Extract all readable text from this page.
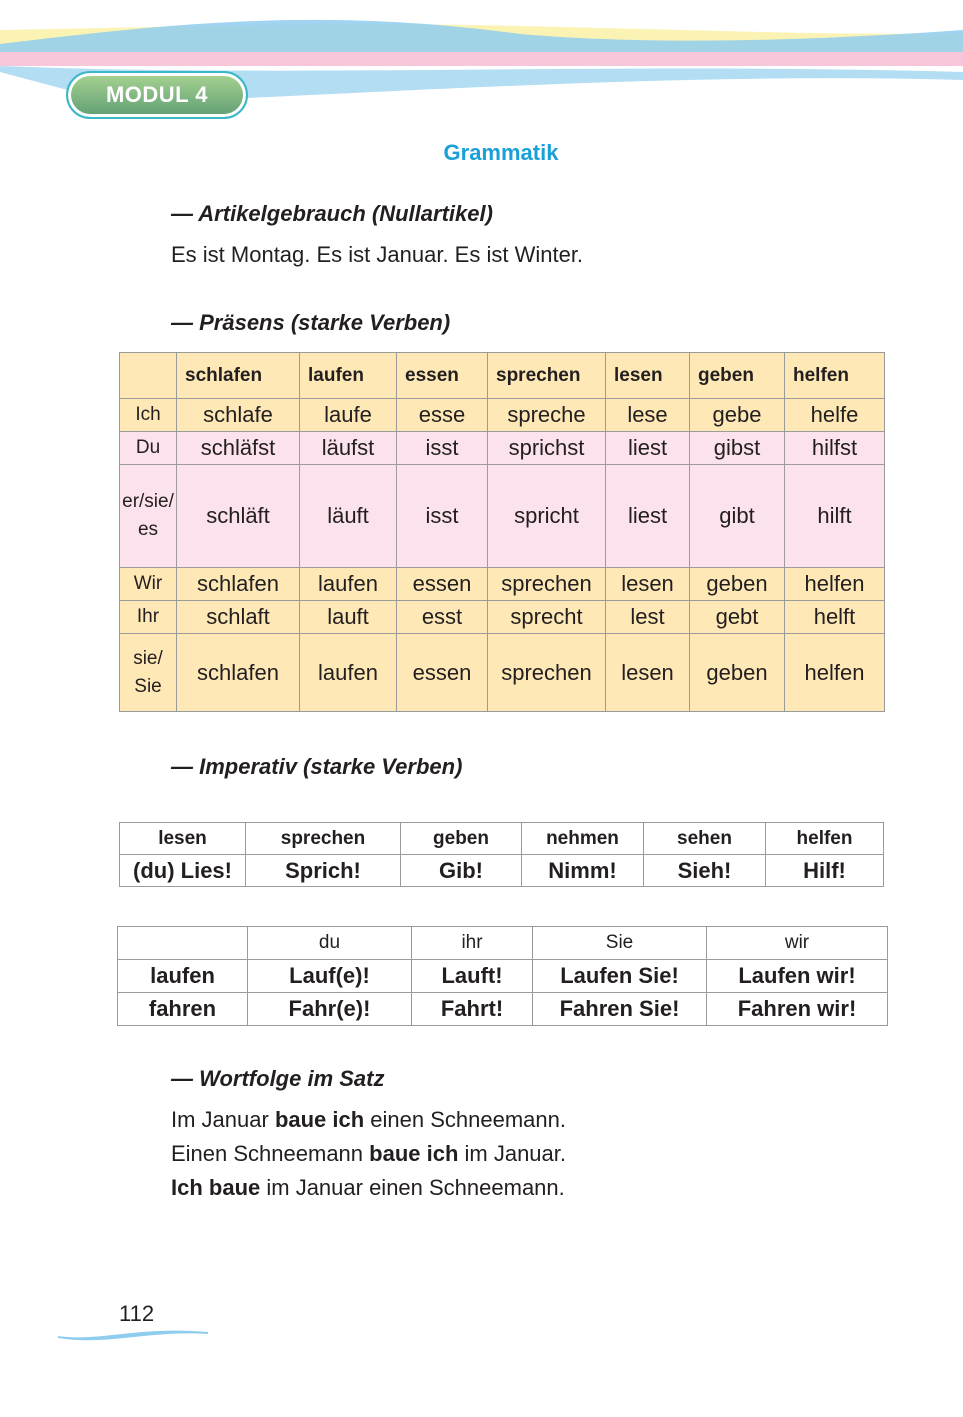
MODUL 4
Grammatik
— Artikelgebrauch (Nullartikel)
Es ist Montag. Es ist Januar. Es ist Winter.
— Präsens (starke Verben)
	schlafen	laufen	essen	sprechen	lesen	geben	helfen
Ich	schlafe	laufe	esse	spreche	lese	gebe	helfe
Du	schläfst	läufst	isst	sprichst	liest	gibst	hilfst
er/sie/
es	schläft	läuft	isst	spricht	liest	gibt	hilft
Wir	schlafen	laufen	essen	sprechen	lesen	geben	helfen
Ihr	schlaft	lauft	esst	sprecht	lest	gebt	helft
sie/
Sie	schlafen	laufen	essen	sprechen	lesen	geben	helfen
— Imperativ (starke Verben)
lesen	sprechen	geben	nehmen	sehen	helfen
(du) Lies!	Sprich!	Gib!	Nimm!	Sieh!	Hilf!
	du	ihr	Sie	wir
laufen	Lauf(e)!	Lauft!	Laufen Sie!	Laufen wir!
fahren	Fahr(e)!	Fahrt!	Fahren Sie!	Fahren wir!
— Wortfolge im Satz
Im Januar baue ich einen Schneemann.
Einen Schneemann baue ich im Januar.
Ich baue im Januar einen Schneemann.
112
